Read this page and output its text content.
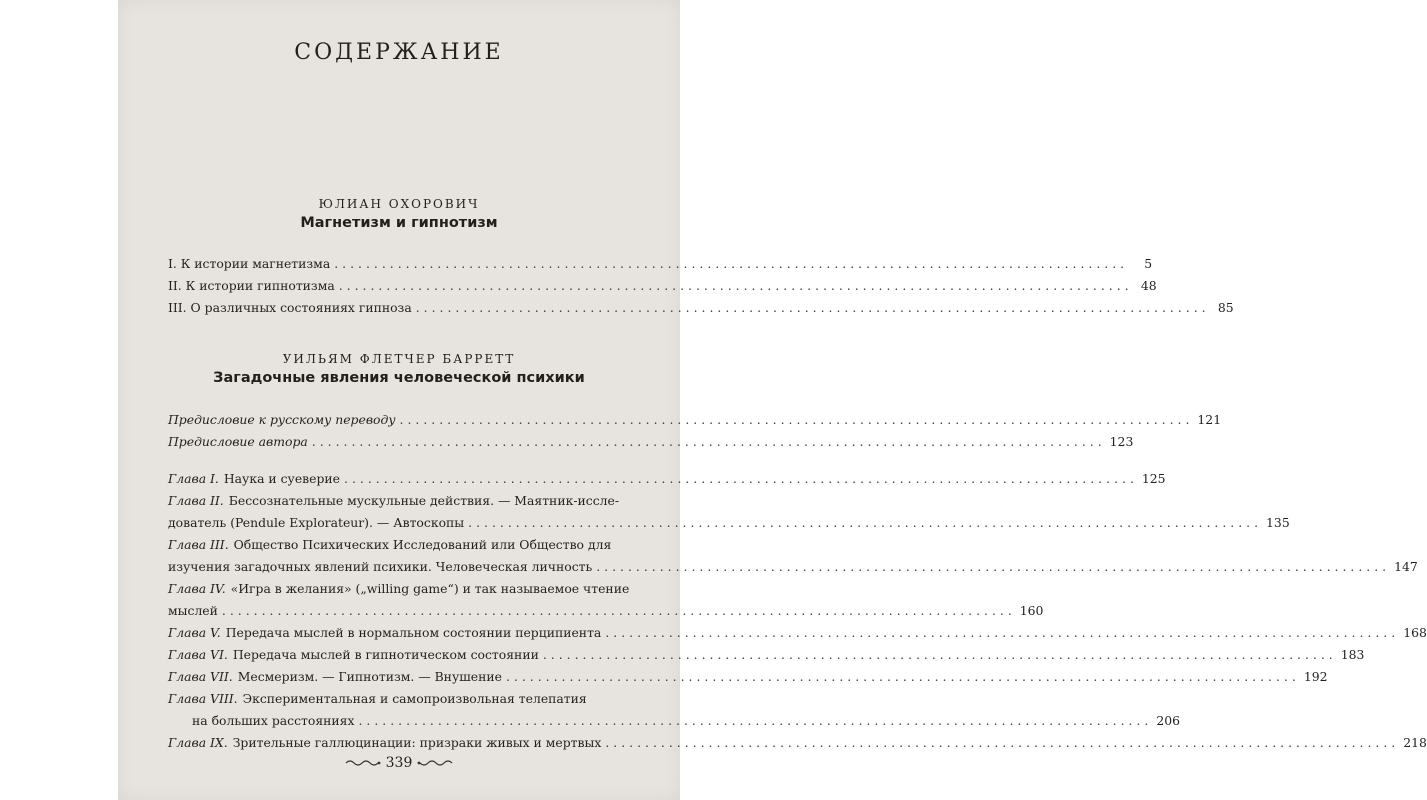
СОДЕРЖАНИЕ
ЮЛИАН ОХОРОВИЧ
Магнетизм и гипнотизм
I. К истории магнетизма ....................................................................................................	5
II. К истории гипнотизма .................................................................................................... 48
III. О различных состояниях гипноза .................................................................................................... 85
УИЛЬЯМ ФЛЕТЧЕР БАРРЕТТ
Загадочные явления человеческой психики
Предисловие к русскому переводу .................................................................................................... 121
Предисловие автора .................................................................................................... 123
Глава I. Наука и суеверие .................................................................................................... 125
Глава II. Бессознательные мускульные действия. — Маятник-иссле-
дователь (Pendule Explorateur). — Автоскопы .................................................................................................... 135
Глава III. Общество Психических Исследований или Общество для
изучения загадочных явлений психики. Человеческая личность .................................................................................................... 147
Глава IV. «Игра в желания» („willing game“) и так называемое чтение
мыслей .................................................................................................... 160
Глава V. Передача мыслей в нормальном состоянии перципиента .................................................................................................... 168
Глава VI. Передача мыслей в гипнотическом состоянии .................................................................................................... 183
Глава VII. Месмеризм. — Гипнотизм. — Внушение .................................................................................................... 192
Глава VIII. Экспериментальная и самопроизвольная телепатия
на больших расстояниях .................................................................................................... 206
Глава IX. Зрительные галлюцинации: призраки живых и мертвых .................................................................................................... 218
339
